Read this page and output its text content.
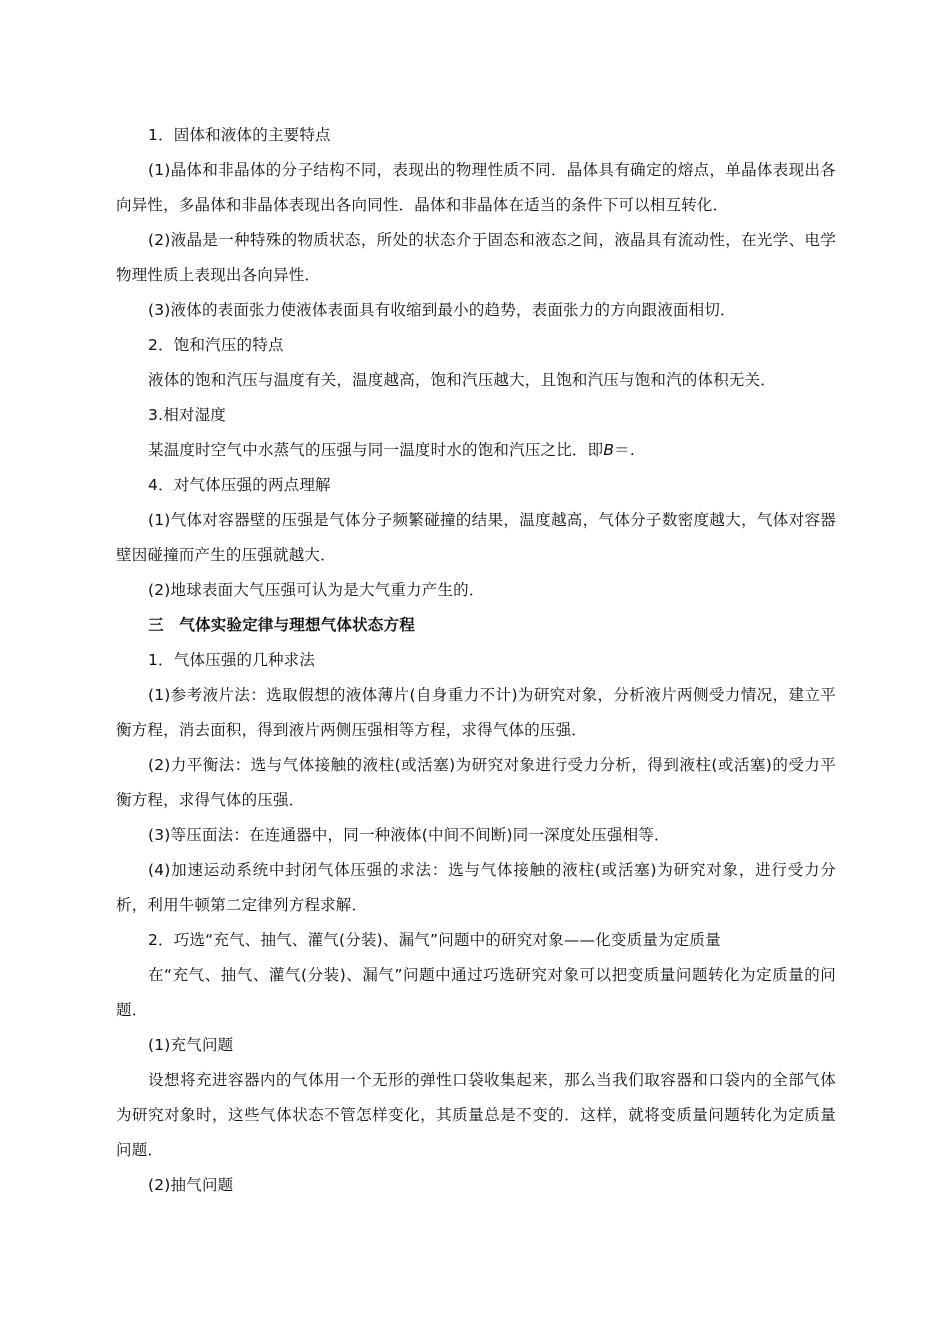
1．固体和液体的主要特点

(1)晶体和非晶体的分子结构不同，表现出的物理性质不同．晶体具有确定的熔点，单晶体表现出各向异性，多晶体和非晶体表现出各向同性．晶体和非晶体在适当的条件下可以相互转化．

(2)液晶是一种特殊的物质状态，所处的状态介于固态和液态之间，液晶具有流动性，在光学、电学物理性质上表现出各向异性．

(3)液体的表面张力使液体表面具有收缩到最小的趋势，表面张力的方向跟液面相切．

2．饱和汽压的特点

液体的饱和汽压与温度有关，温度越高，饱和汽压越大，且饱和汽压与饱和汽的体积无关．

3.相对湿度

某温度时空气中水蒸气的压强与同一温度时水的饱和汽压之比．即B＝.

4．对气体压强的两点理解

(1)气体对容器壁的压强是气体分子频繁碰撞的结果，温度越高，气体分子数密度越大，气体对容器壁因碰撞而产生的压强就越大．

(2)地球表面大气压强可认为是大气重力产生的．

三　气体实验定律与理想气体状态方程

1．气体压强的几种求法

(1)参考液片法：选取假想的液体薄片(自身重力不计)为研究对象，分析液片两侧受力情况，建立平衡方程，消去面积，得到液片两侧压强相等方程，求得气体的压强．

(2)力平衡法：选与气体接触的液柱(或活塞)为研究对象进行受力分析，得到液柱(或活塞)的受力平衡方程，求得气体的压强．

(3)等压面法：在连通器中，同一种液体(中间不间断)同一深度处压强相等．

(4)加速运动系统中封闭气体压强的求法：选与气体接触的液柱(或活塞)为研究对象，进行受力分析，利用牛顿第二定律列方程求解．

2．巧选“充气、抽气、灌气(分装)、漏气”问题中的研究对象——化变质量为定质量

在“充气、抽气、灌气(分装)、漏气”问题中通过巧选研究对象可以把变质量问题转化为定质量的问题．

(1)充气问题

设想将充进容器内的气体用一个无形的弹性口袋收集起来，那么当我们取容器和口袋内的全部气体为研究对象时，这些气体状态不管怎样变化，其质量总是不变的．这样，就将变质量问题转化为定质量问题．

(2)抽气问题
